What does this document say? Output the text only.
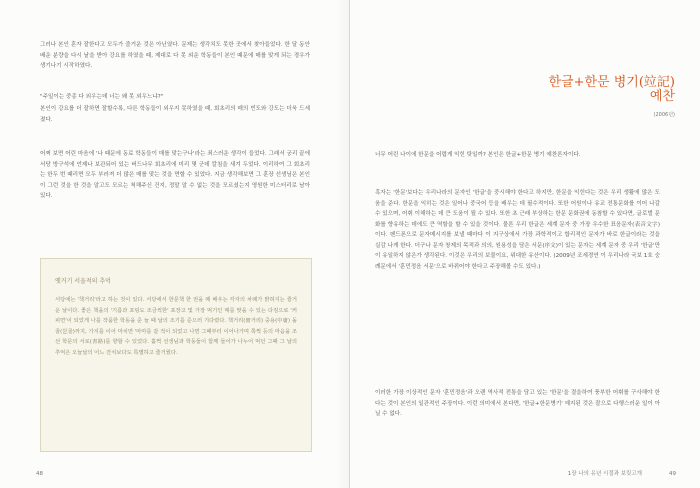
그러나 본인 혼자 잘한다고 모두가 즐거운 것은 아닌였다. 문제는 생각치도 못한 곳에서 찾아들었다. 한 달 동안 배운 분량을 다시 낱을 받아 강요를 하였을 때, 제대로 다 못 외운 학동들이 본인 때문에 매를 맞게 되는 경우가 생기나기 시작하였다.

"주일이는 중종 다 외우는데 너는 왜 못 외우느냐?"

본인이 강요를 더 잘하면 잘할수록, 다른 학동들이 외우지 못하였을 때, 회초리의 매의 빈도와 강도는 더욱 드세졌다.

어쩌 보면 어린 마음에 '나 때문에 동료 학동들이 매를 맞는구나'라는 죄스러운 생각이 들었다. 그래서 궁리 끝에 서당 방구석에 언제나 보관되어 있는 버드나무 회초리에 미리 몇 군데 칼침을 새겨 두었다. 이리하여 그 회초리는 한두 번 때리면 모두 부러져 더 많은 매를 맞는 것을 면할 수 있었다. 지금 생각해보면 그 훈장 선생님은 본인이 그런 것을 한 것을 알고도 모르는 척해주신 건지, 정말 알 수 없는 것을 모르셨는지 영원한 미스터리로 남아 있다.

옛거기 서울적의 추억

서당에는 '책거리'라고 하는 것이 있다. 서당에서 한문책 한 권을 떼 배우는 각자의 차례가 밝혀지는 즐거운 날이다. 좋은 책을의 '기름과 포팅도 조금씩한' 포장고 및 가장 먹기인 매를 맞을 수 있는 다짐으로 '커피면'이 되었게 나를 작품한 학동을 준 늘 때 날의 조기를 준으러 기다렸다. 책거리(冊거리) 중용(中庸) 돌골(乭골)까지, 가지를 이어 마치면 '마마를 갈 적이 되었고 나면 그때부터 이어나가며 쪽쩍 등의 마음을 조선 학문의 서로(書路)를 향할 수 있었다. 훌쩍 선생님과 학동들이 함께 들어가 나누어 먹던 그때 그 날의 추억은 오늘날의 어느 잔치보다도 특별하고 즐거웠다.

48
한글+한문 병기(竝記)
예찬
(2006년)

너무 어린 나이에 한문을 어렵게 익힌 탓일까? 본인은 한글+한문 병기 예찬론자이다.

흑자는 '한문'보다는 우리나라의 문자인 '한글'을 중시해야 한다고 하지만, 한문을 익힌다는 것은 우리 생활에 많은 도움을 준다. 한문을 익히는 것은 일어나 중국어 등을 배우는 데 필수적이다. 또한 어원이나 유교 전통문화를 이어 나갈 수 있으며, 어휘 이해하는 데 큰 도움이 될 수 있다. 또한 초 근래 부상하는 한문 문화권에 동참할 수 있다면, 글로벌 문화를 향유하는 데에도 큰 역할을 할 수 있을 것이다. 물론 우리 한글은 세계 문자 중 가장 우수한 표음문자(表音文字)이다. 펜드폰으로 문자메시지를 보낼 때마다 이 지구상에서 가장 과학적이고 합리적인 문자가 바로 한글이라는 것을 실감 나게 한다. 더구나 문자 창제의 목적과 의의, 원용성을 담은 서문(序文)이 있는 문자는 세계 문자 중 우리 '한글'만이 유일하지 않은가 생각된다. 이것은 우리의 보물이요, 위대한 유산이다. (2009년 조세경연 이 우리나라 국보 1호 숭례문에서 '훈민정음 서문'으로 바뀌어야 한다고 주장해볼 수도 있다.)

이러한 가장 이상적인 문자 '훈민정음'과 오랜 역사적 전통을 담고 있는 '한문'을 결을하여 풍부한 어휘를 구사해야 한다는 것이 본인의 일관적인 주장이다. 이런 의미에서 본다면, '한글+한문병기' 예지된 것은 잘으로 다행스러운 일이 아닐 수 없다.

1장 나의 유년 시절과 보릿고개	49
